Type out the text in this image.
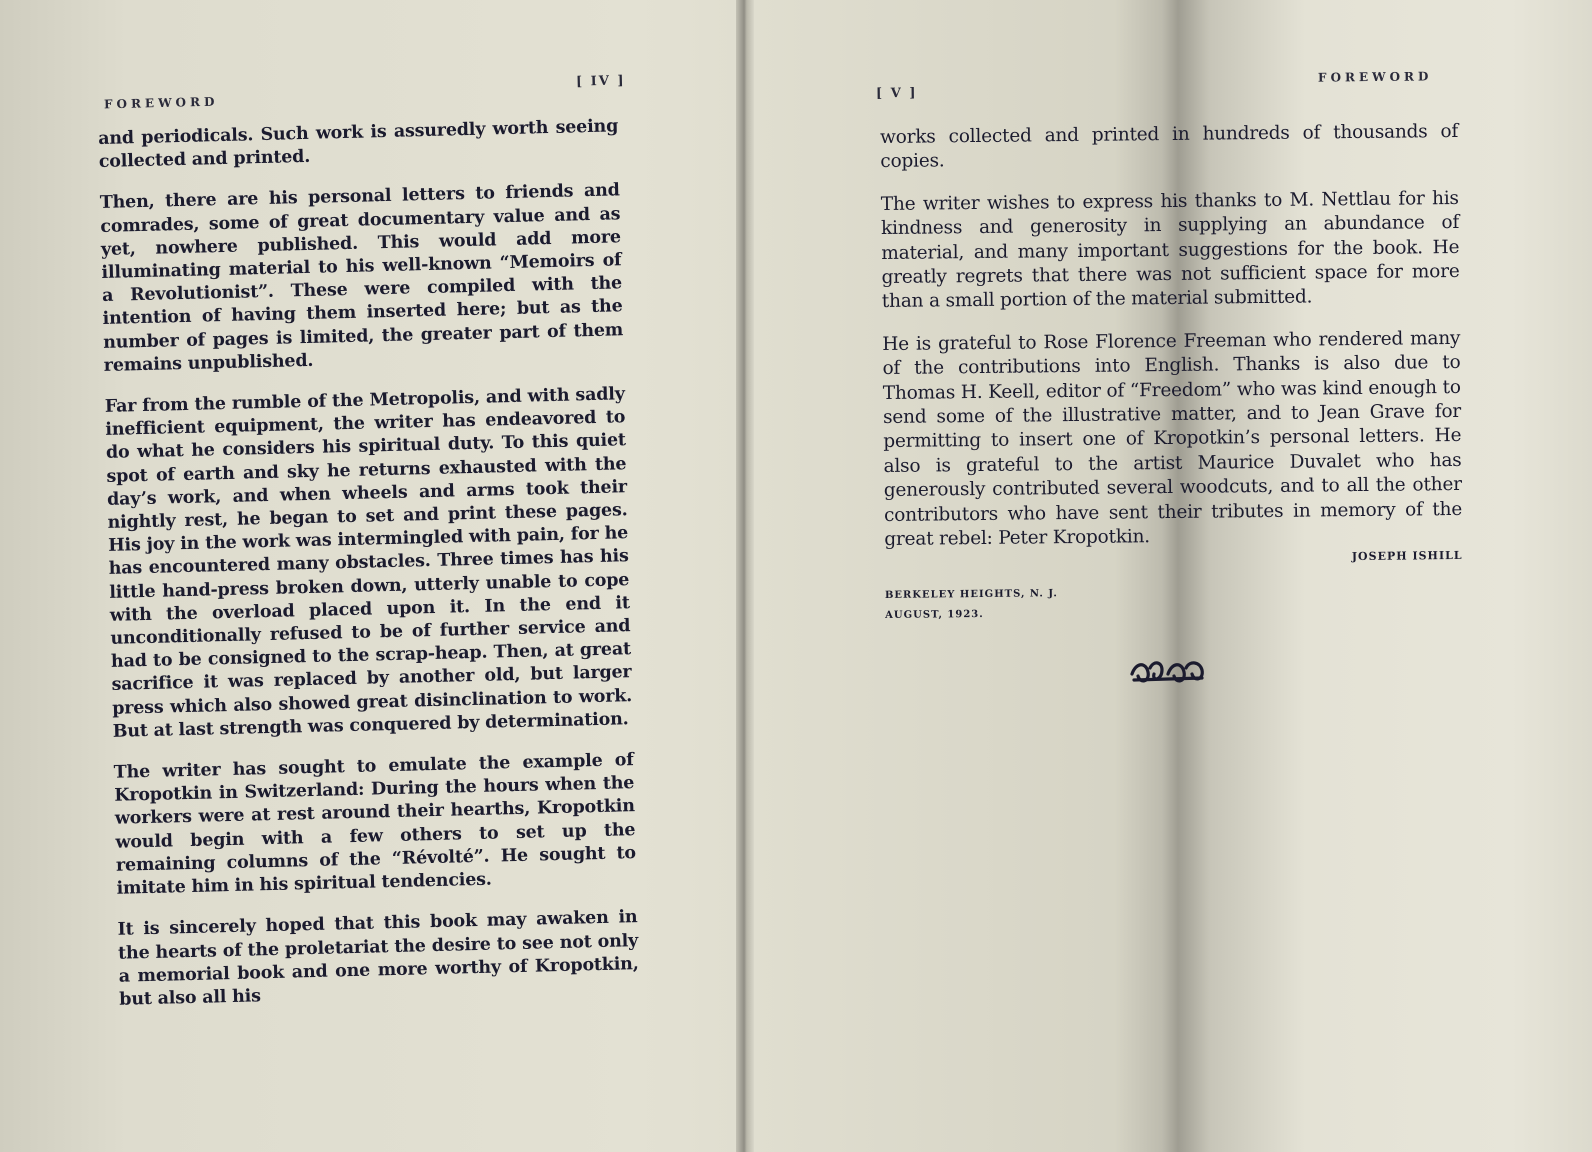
FOREWORD
[ IV ]

and periodicals. Such work is assuredly worth seeing collected and printed.

Then, there are his personal letters to friends and comrades, some of great documentary value and as yet, nowhere published. This would add more illuminating material to his well-known “Memoirs of a Revolutionist”. These were compiled with the intention of having them inserted here; but as the number of pages is limited, the greater part of them remains unpublished.

Far from the rumble of the Metropolis, and with sadly inefficient equipment, the writer has endeavored to do what he considers his spiritual duty. To this quiet spot of earth and sky he returns exhausted with the day’s work, and when wheels and arms took their nightly rest, he began to set and print these pages. His joy in the work was intermingled with pain, for he has encountered many obstacles. Three times has his little hand-press broken down, utterly unable to cope with the overload placed upon it. In the end it unconditionally refused to be of further service and had to be consigned to the scrap-heap. Then, at great sacrifice it was replaced by another old, but larger press which also showed great disinclination to work. But at last strength was conquered by determination.

The writer has sought to emulate the example of Kropotkin in Switzerland: During the hours when the workers were at rest around their hearths, Kropotkin would begin with a few others to set up the remaining columns of the “Révolté”. He sought to imitate him in his spiritual tendencies.

It is sincerely hoped that this book may awaken in the hearts of the proletariat the desire to see not only a memorial book and one more worthy of Kropotkin, but also all his

[ V ]
FOREWORD

works collected and printed in hundreds of thousands of copies.

The writer wishes to express his thanks to M. Nettlau for his kindness and generosity in supplying an abundance of material, and many important suggestions for the book. He greatly regrets that there was not sufficient space for more than a small portion of the material submitted.

He is grateful to Rose Florence Freeman who rendered many of the contributions into English. Thanks is also due to Thomas H. Keell, editor of “Freedom” who was kind enough to send some of the illustrative matter, and to Jean Grave for permitting to insert one of Kropotkin’s personal letters. He also is grateful to the artist Maurice Duvalet who has generously contributed several woodcuts, and to all the other contributors who have sent their tributes in memory of the great rebel: Peter Kropotkin.

JOSEPH ISHILL
BERKELEY HEIGHTS, N. J.
AUGUST, 1923.
